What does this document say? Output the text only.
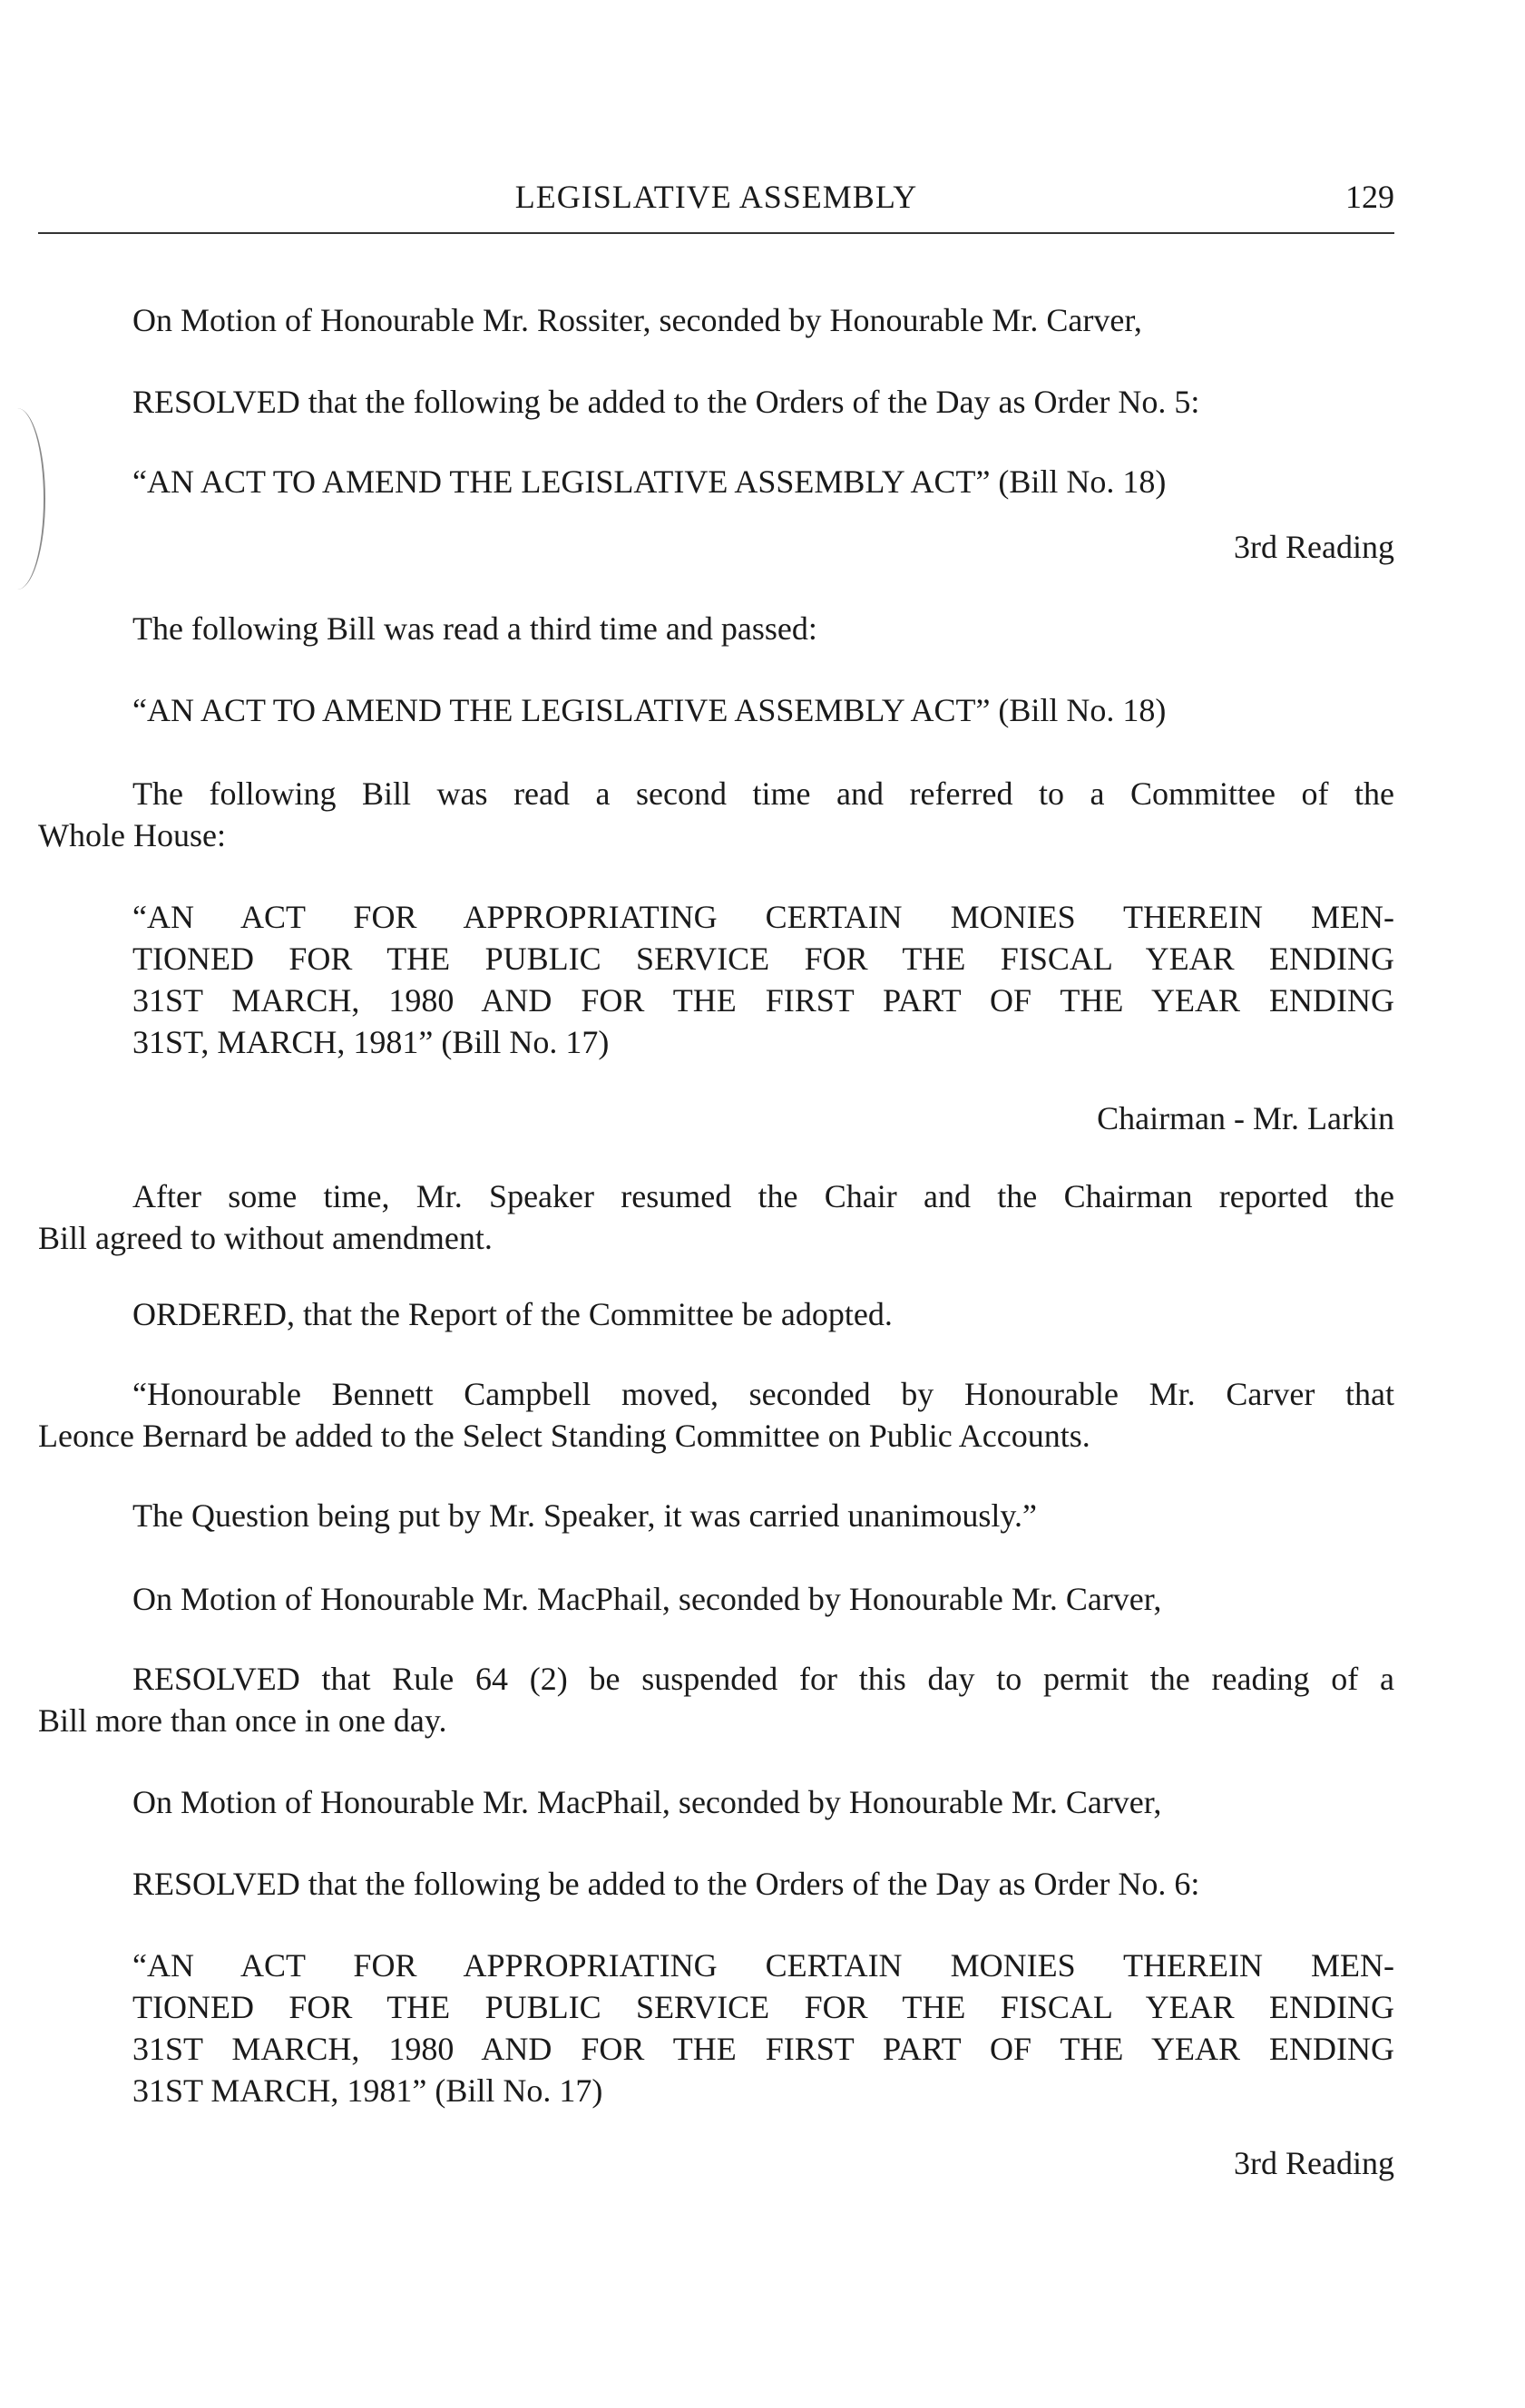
LEGISLATIVE ASSEMBLY	129
On Motion of Honourable Mr. Rossiter, seconded by Honourable Mr. Carver,
RESOLVED that the following be added to the Orders of the Day as Order No. 5:
“AN ACT TO AMEND THE LEGISLATIVE ASSEMBLY ACT” (Bill No. 18)
3rd Reading
The following Bill was read a third time and passed:
“AN ACT TO AMEND THE LEGISLATIVE ASSEMBLY ACT” (Bill No. 18)
The following Bill was read a second time and referred to a Committee of the
Whole House:
“AN ACT FOR APPROPRIATING CERTAIN MONIES THEREIN MEN-
TIONED FOR THE PUBLIC SERVICE FOR THE FISCAL YEAR ENDING
31ST MARCH, 1980 AND FOR THE FIRST PART OF THE YEAR ENDING
31ST, MARCH, 1981” (Bill No. 17)
Chairman - Mr. Larkin
After some time, Mr. Speaker resumed the Chair and the Chairman reported the
Bill agreed to without amendment.
ORDERED, that the Report of the Committee be adopted.
“Honourable Bennett Campbell moved, seconded by Honourable Mr. Carver that
Leonce Bernard be added to the Select Standing Committee on Public Accounts.
The Question being put by Mr. Speaker, it was carried unanimously.”
On Motion of Honourable Mr. MacPhail, seconded by Honourable Mr. Carver,
RESOLVED that Rule 64 (2) be suspended for this day to permit the reading of a
Bill more than once in one day.
On Motion of Honourable Mr. MacPhail, seconded by Honourable Mr. Carver,
RESOLVED that the following be added to the Orders of the Day as Order No. 6:
“AN ACT FOR APPROPRIATING CERTAIN MONIES THEREIN MEN-
TIONED FOR THE PUBLIC SERVICE FOR THE FISCAL YEAR ENDING
31ST MARCH, 1980 AND FOR THE FIRST PART OF THE YEAR ENDING
31ST MARCH, 1981” (Bill No. 17)
3rd Reading
